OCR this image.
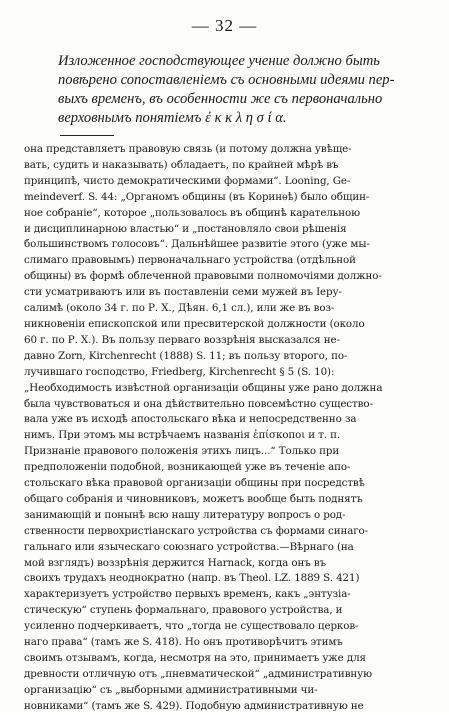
— 32 —
Изложенное господствующее учение должно быть
повѣрено сопоставленіемъ съ основными идеями пер-
выхъ временъ, въ особенности же съ первоначально
верховнымъ понятіемъ ἐ κ κ λ η σ ί α.
она представляетъ правовую связь (и потому должна увѣще-
вать, судить и наказывать) обладаетъ, по крайней мѣрѣ въ
принципѣ, чисто демократическими формами“. Looning, Ge-
meindeverf. S. 44: „Органомъ общины (въ Коринѳѣ) было общин-
ное собраніе“, которое „пользовалось въ общинѣ карательною
и дисциплинарною властью“ и „постановляло свои рѣшенія
большинствомъ голосовъ“. Дальнѣйшее развитіе этого (уже мы-
слимаго правовымъ) первоначальнаго устройства (отдѣльной
общины) въ формѣ облеченной правовыми полномочіями должно-
сти усматриваютъ или въ поставленіи семи мужей въ Іеру-
салимѣ (около 34 г. по Р. Х., Дѣян. 6,1 сл.), или же въ воз-
никновеніи епископской или пресвитерской должности (около
60 г. по Р. Х.). Въ пользу перваго воззрѣнія высказался не-
давно Zorn, Kirchenrecht (1888) S. 11; въ пользу второго, по-
лучившаго господство, Friedberg, Kirchenrecht § 5 (S. 10):
„Необходимость извѣстной организаціи общины уже рано должна
была чувствоваться и она дѣйствительно повсемѣстно существо-
вала уже въ исходѣ апостольскаго вѣка и непосредственно за
нимъ. При этомъ мы встрѣчаемъ названія ἐπίσκοποι и т. п.
Признаніе правового положенія этихъ лицъ...“ Только при
предположеніи подобной, возникающей уже въ теченіе апо-
стольскаго вѣка правовой организаціи общины при посредствѣ
общаго собранія и чиновниковъ, можетъ вообще быть поднятъ
занимающій и понынѣ всю нашу литературу вопросъ о род-
ственности первохристіанскаго устройства съ формами синаго-
гальнаго или языческаго союзнаго устройства.—Вѣрнаго (на
мой взглядъ) воззрѣнія держится Harnack, когда онъ въ
своихъ трудахъ неоднократно (напр. въ Theol. LZ. 1889 S. 421)
характеризуетъ устройство первыхъ временъ, какъ „энтузіа-
стическую“ ступень формальнаго, правового устройства, и
усиленно подчеркиваетъ, что „тогда не существовало церков-
наго права“ (тамъ же S. 418). Но онъ противорѣчитъ этимъ
своимъ отзывамъ, когда, несмотря на это, принимаетъ уже для
древности отличную отъ „пневматической“ „административную
организацію“ съ „выборными административными чи-
новниками“ (тамъ же S. 429). Подобную административную не
